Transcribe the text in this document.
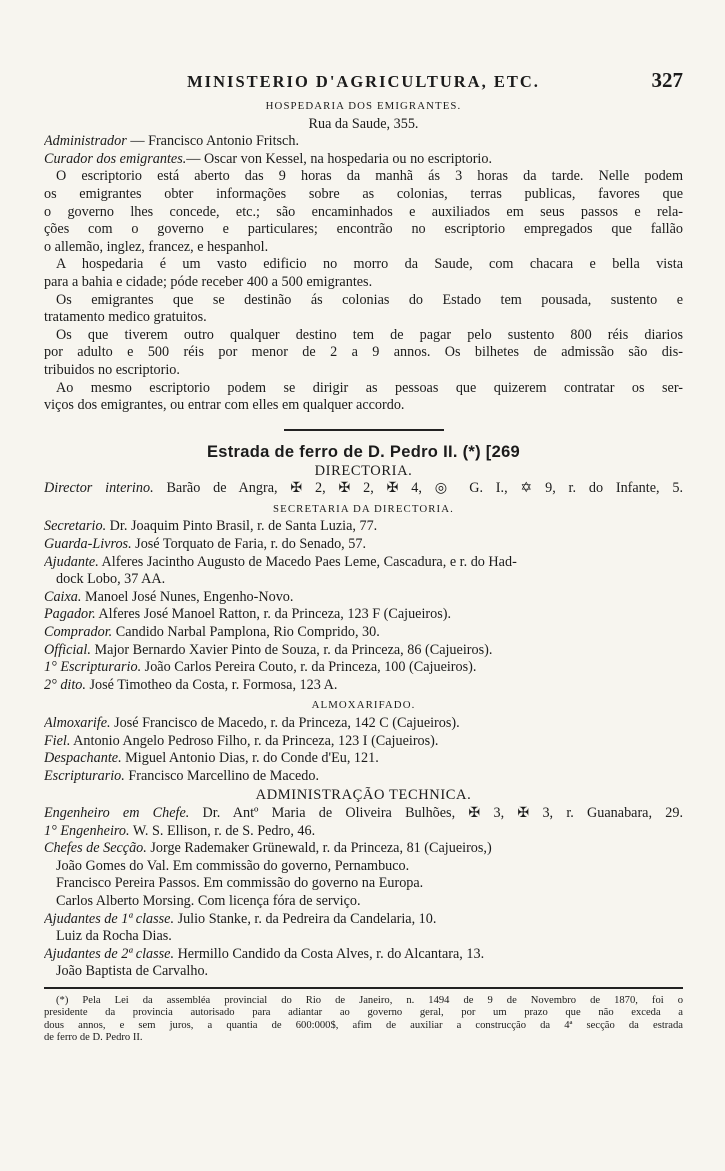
MINISTERIO D'AGRICULTURA, ETC.	327
HOSPEDARIA DOS EMIGRANTES.
Rua da Saude, 355.
Administrador — Francisco Antonio Fritsch.
Curador dos emigrantes.— Oscar von Kessel, na hospedaria ou no escriptorio.
O escriptorio está aberto das 9 horas da manhã ás 3 horas da tarde. Nelle podem
os emigrantes obter informações sobre as colonias, terras publicas, favores que
o governo lhes concede, etc.; são encaminhados e auxiliados em seus passos e rela-
ções com o governo e particulares; encontrão no escriptorio empregados que fallão
o allemão, inglez, francez, e hespanhol.
A hospedaria é um vasto edificio no morro da Saude, com chacara e bella vista
para a bahia e cidade; póde receber 400 a 500 emigrantes.
Os emigrantes que se destinão ás colonias do Estado tem pousada, sustento e
tratamento medico gratuitos.
Os que tiverem outro qualquer destino tem de pagar pelo sustento 800 réis diarios
por adulto e 500 réis por menor de 2 a 9 annos. Os bilhetes de admissão são dis-
tribuidos no escriptorio.
Ao mesmo escriptorio podem se dirigir as pessoas que quizerem contratar os ser-
viços dos emigrantes, ou entrar com elles em qualquer accordo.
Estrada de ferro de D. Pedro II. (*) [269
DIRECTORIA.
Director interino. Barão de Angra, ✠ 2, ✠ 2, ✠ 4, ◎ G. I., ✡ 9, r. do Infante, 5.
SECRETARIA DA DIRECTORIA.
Secretario. Dr. Joaquim Pinto Brasil, r. de Santa Luzia, 77.
Guarda-Livros. José Torquato de Faria, r. do Senado, 57.
Ajudante. Alferes Jacintho Augusto de Macedo Paes Leme, Cascadura, e r. do Had-
dock Lobo, 37 AA.
Caixa. Manoel José Nunes, Engenho-Novo.
Pagador. Alferes José Manoel Ratton, r. da Princeza, 123 F (Cajueiros).
Comprador. Candido Narbal Pamplona, Rio Comprido, 30.
Official. Major Bernardo Xavier Pinto de Souza, r. da Princeza, 86 (Cajueiros).
1° Escripturario. João Carlos Pereira Couto, r. da Princeza, 100 (Cajueiros).
2° dito. José Timotheo da Costa, r. Formosa, 123 A.
ALMOXARIFADO.
Almoxarife. José Francisco de Macedo, r. da Princeza, 142 C (Cajueiros).
Fiel. Antonio Angelo Pedroso Filho, r. da Princeza, 123 I (Cajueiros).
Despachante. Miguel Antonio Dias, r. do Conde d'Eu, 121.
Escripturario. Francisco Marcellino de Macedo.
ADMINISTRAÇÃO TECHNICA.
Engenheiro em Chefe. Dr. Antº Maria de Oliveira Bulhões, ✠ 3, ✠ 3, r. Guanabara, 29.
1° Engenheiro. W. S. Ellison, r. de S. Pedro, 46.
Chefes de Secção. Jorge Rademaker Grünewald, r. da Princeza, 81 (Cajueiros,)
João Gomes do Val. Em commissão do governo, Pernambuco.
Francisco Pereira Passos. Em commissão do governo na Europa.
Carlos Alberto Morsing. Com licença fóra de serviço.
Ajudantes de 1ª classe. Julio Stanke, r. da Pedreira da Candelaria, 10.
Luiz da Rocha Dias.
Ajudantes de 2ª classe. Hermillo Candido da Costa Alves, r. do Alcantara, 13.
João Baptista de Carvalho.
(*) Pela Lei da assembléa provincial do Rio de Janeiro, n. 1494 de 9 de Novembro de 1870, foi o
presidente da provincia autorisado para adiantar ao governo geral, por um prazo que não exceda a
dous annos, e sem juros, a quantia de 600:000$, afim de auxiliar a construcção da 4ª secção da estrada
de ferro de D. Pedro II.
